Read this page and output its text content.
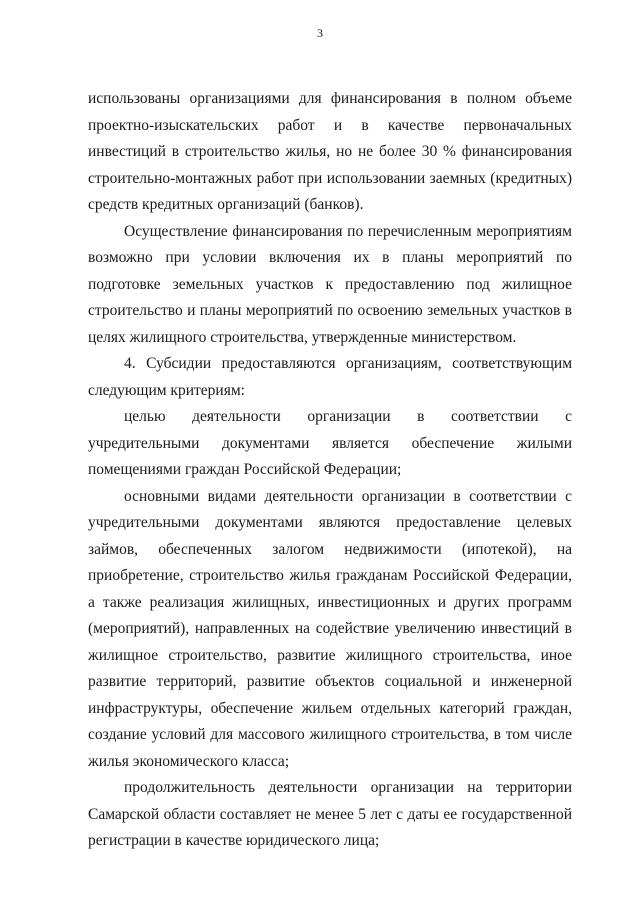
3

использованы организациями для финансирования в полном объеме проектно-изыскательских работ и в качестве первоначальных инвестиций в строительство жилья, но не более 30 % финансирования строительно-монтажных работ при использовании заемных (кредитных) средств кредитных организаций (банков).

Осуществление финансирования по перечисленным мероприятиям возможно при условии включения их в планы мероприятий по подготовке земельных участков к предоставлению под жилищное строительство и планы мероприятий по освоению земельных участков в целях жилищного строительства, утвержденные министерством.

4. Субсидии предоставляются организациям, соответствующим следующим критериям:

целью деятельности организации в соответствии с учредительными документами является обеспечение жилыми помещениями граждан Российской Федерации;

основными видами деятельности организации в соответствии с учредительными документами являются предоставление целевых займов, обеспеченных залогом недвижимости (ипотекой), на приобретение, строительство жилья гражданам Российской Федерации, а также реализация жилищных, инвестиционных и других программ (мероприятий), направленных на содействие увеличению инвестиций в жилищное строительство, развитие жилищного строительства, иное развитие территорий, развитие объектов социальной и инженерной инфраструктуры, обеспечение жильем отдельных категорий граждан, создание условий для массового жилищного строительства, в том числе жилья экономического класса;

продолжительность деятельности организации на территории Самарской области составляет не менее 5 лет с даты ее государственной регистрации в качестве юридического лица;
